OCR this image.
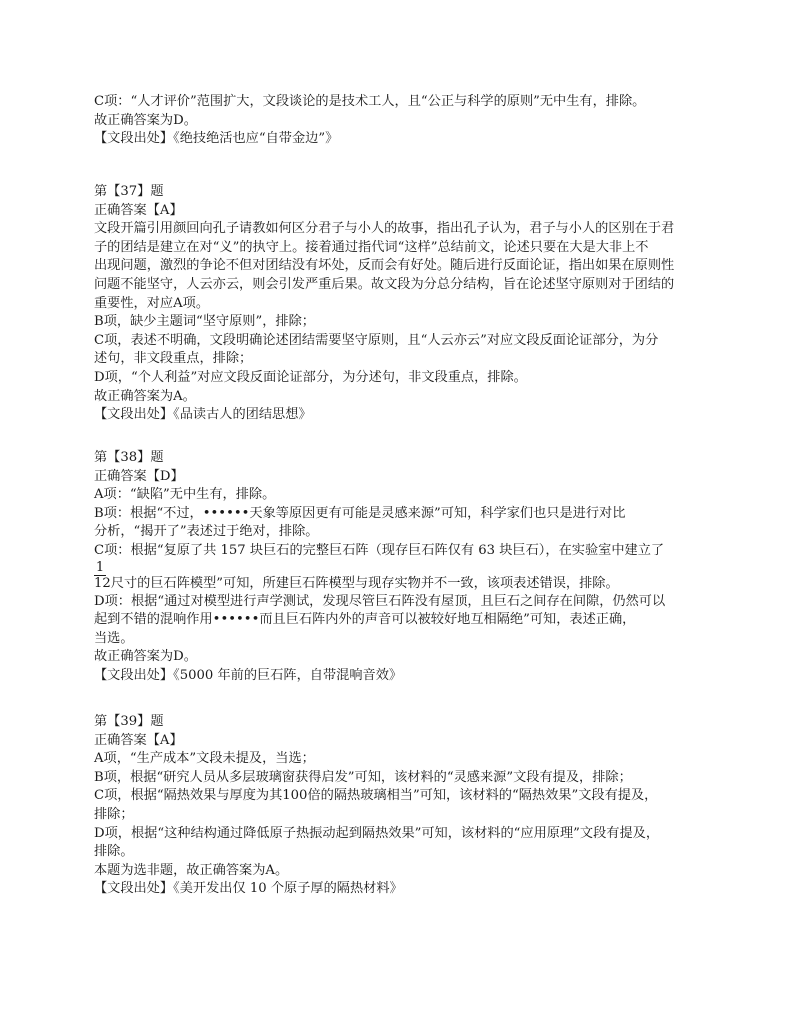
C项：“人才评价”范围扩大，文段谈论的是技术工人，且“公正与科学的原则”无中生有，排除。
故正确答案为D。
【文段出处】《绝技绝活也应“自带金边”》
第【37】题
正确答案【A】
文段开篇引用颜回向孔子请教如何区分君子与小人的故事，指出孔子认为，君子与小人的区别在于君
子的团结是建立在对“义”的执守上。接着通过指代词“这样”总结前文，论述只要在大是大非上不
出现问题，激烈的争论不但对团结没有坏处，反而会有好处。随后进行反面论证，指出如果在原则性
问题不能坚守，人云亦云，则会引发严重后果。故文段为分总分结构，旨在论述坚守原则对于团结的
重要性，对应A项。
B项，缺少主题词“坚守原则”，排除；
C项，表述不明确，文段明确论述团结需要坚守原则，且“人云亦云”对应文段反面论证部分，为分
述句，非文段重点，排除；
D项，“个人利益”对应文段反面论证部分，为分述句，非文段重点，排除。
故正确答案为A。
【文段出处】《品读古人的团结思想》
第【38】题
正确答案【D】
A项：“缺陷”无中生有，排除。
B项：根据“不过，••••••天象等原因更有可能是灵感来源”可知，科学家们也只是进行对比
分析，“揭开了”表述过于绝对，排除。
C项：根据“复原了共 157 块巨石的完整巨石阵（现存巨石阵仅有 63 块巨石），在实验室中建立了
1
12尺寸的巨石阵模型”可知，所建巨石阵模型与现存实物并不一致，该项表述错误，排除。
D项：根据“通过对模型进行声学测试，发现尽管巨石阵没有屋顶，且巨石之间存在间隙，仍然可以
起到不错的混响作用••••••而且巨石阵内外的声音可以被较好地互相隔绝”可知，表述正确，
当选。
故正确答案为D。
【文段出处】《5000 年前的巨石阵，自带混响音效》
第【39】题
正确答案【A】
A项，“生产成本”文段未提及，当选；
B项，根据“研究人员从多层玻璃窗获得启发”可知，该材料的“灵感来源”文段有提及，排除；
C项，根据“隔热效果与厚度为其100倍的隔热玻璃相当”可知，该材料的“隔热效果”文段有提及，
排除；
D项，根据“这种结构通过降低原子热振动起到隔热效果”可知，该材料的“应用原理”文段有提及，
排除。
本题为选非题，故正确答案为A。
【文段出处】《美开发出仅 10 个原子厚的隔热材料》
